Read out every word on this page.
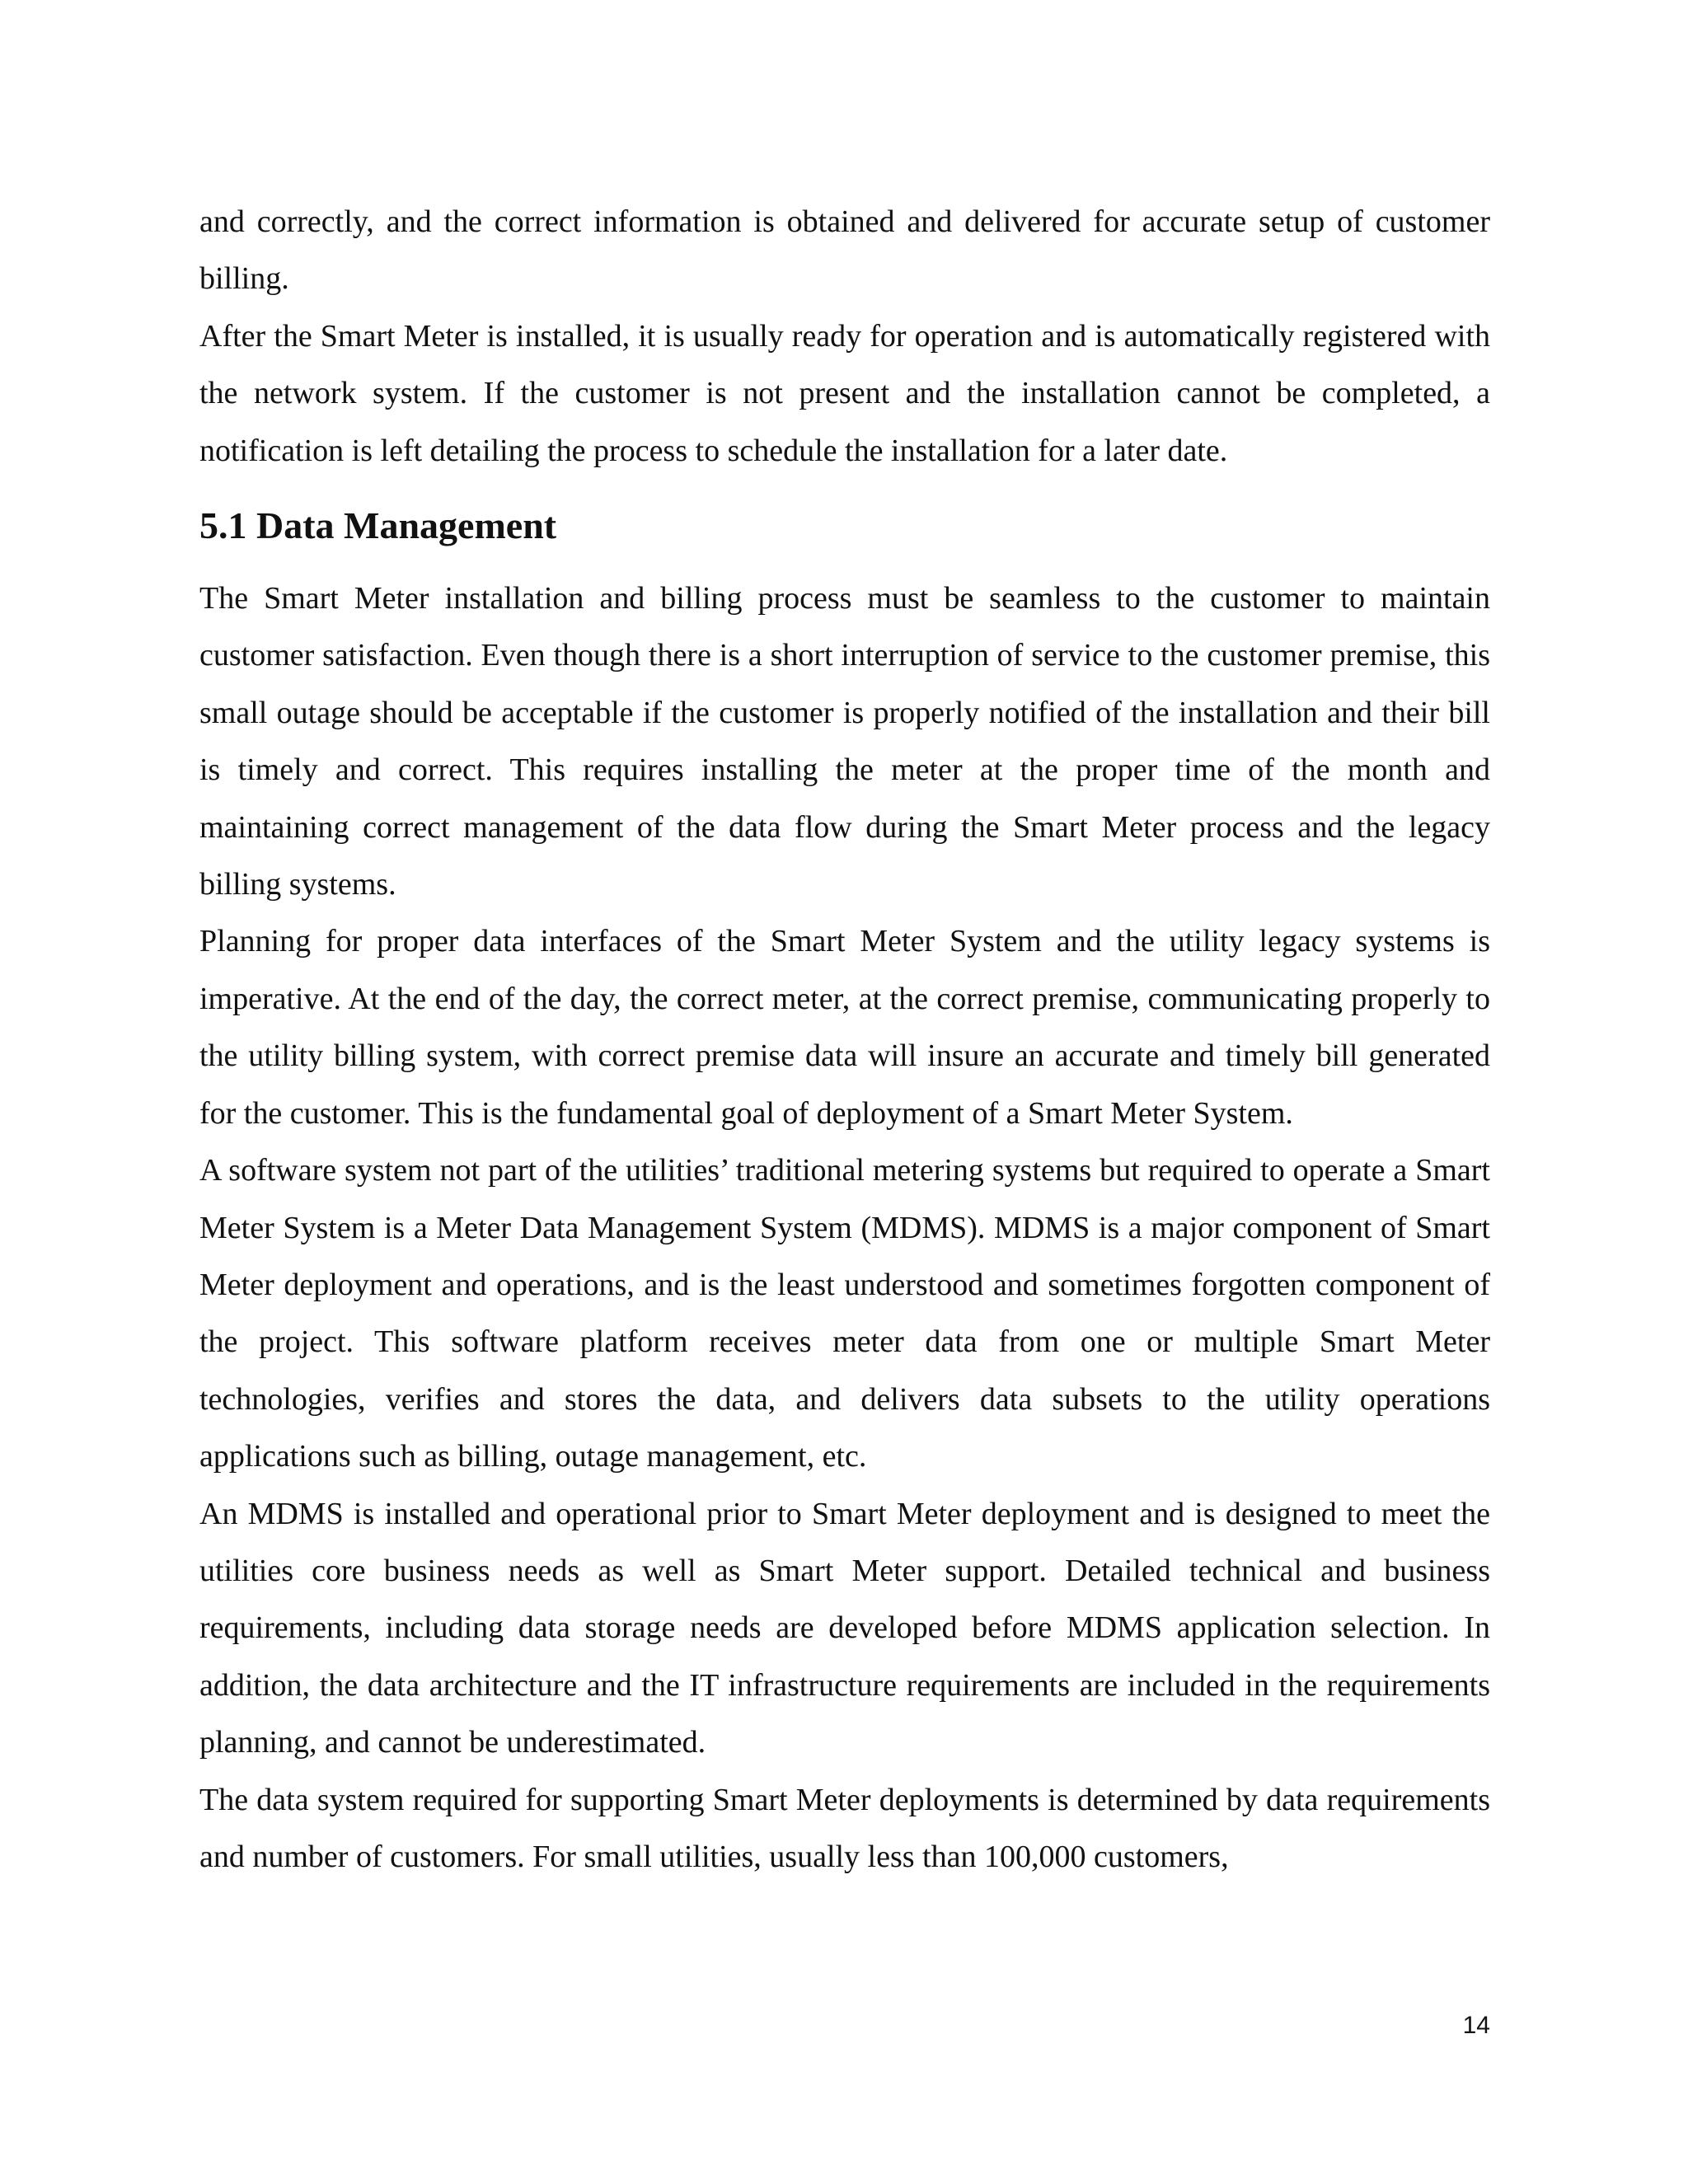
and correctly, and the correct information is obtained and delivered for accurate setup of customer billing.

After the Smart Meter is installed, it is usually ready for operation and is automatically registered with the network system. If the customer is not present and the installation cannot be completed, a notification is left detailing the process to schedule the installation for a later date.

5.1 Data Management

The Smart Meter installation and billing process must be seamless to the customer to maintain customer satisfaction. Even though there is a short interruption of service to the customer premise, this small outage should be acceptable if the customer is properly notified of the installation and their bill is timely and correct. This requires installing the meter at the proper time of the month and maintaining correct management of the data flow during the Smart Meter process and the legacy billing systems.

Planning for proper data interfaces of the Smart Meter System and the utility legacy systems is imperative. At the end of the day, the correct meter, at the correct premise, communicating properly to the utility billing system, with correct premise data will insure an accurate and timely bill generated for the customer. This is the fundamental goal of deployment of a Smart Meter System.

A software system not part of the utilities’ traditional metering systems but required to operate a Smart Meter System is a Meter Data Management System (MDMS). MDMS is a major component of Smart Meter deployment and operations, and is the least understood and sometimes forgotten component of the project. This software platform receives meter data from one or multiple Smart Meter technologies, verifies and stores the data, and delivers data subsets to the utility operations applications such as billing, outage management, etc.

An MDMS is installed and operational prior to Smart Meter deployment and is designed to meet the utilities core business needs as well as Smart Meter support. Detailed technical and business requirements, including data storage needs are developed before MDMS application selection. In addition, the data architecture and the IT infrastructure requirements are included in the requirements planning, and cannot be underestimated.

The data system required for supporting Smart Meter deployments is determined by data requirements and number of customers. For small utilities, usually less than 100,000 customers,

14
